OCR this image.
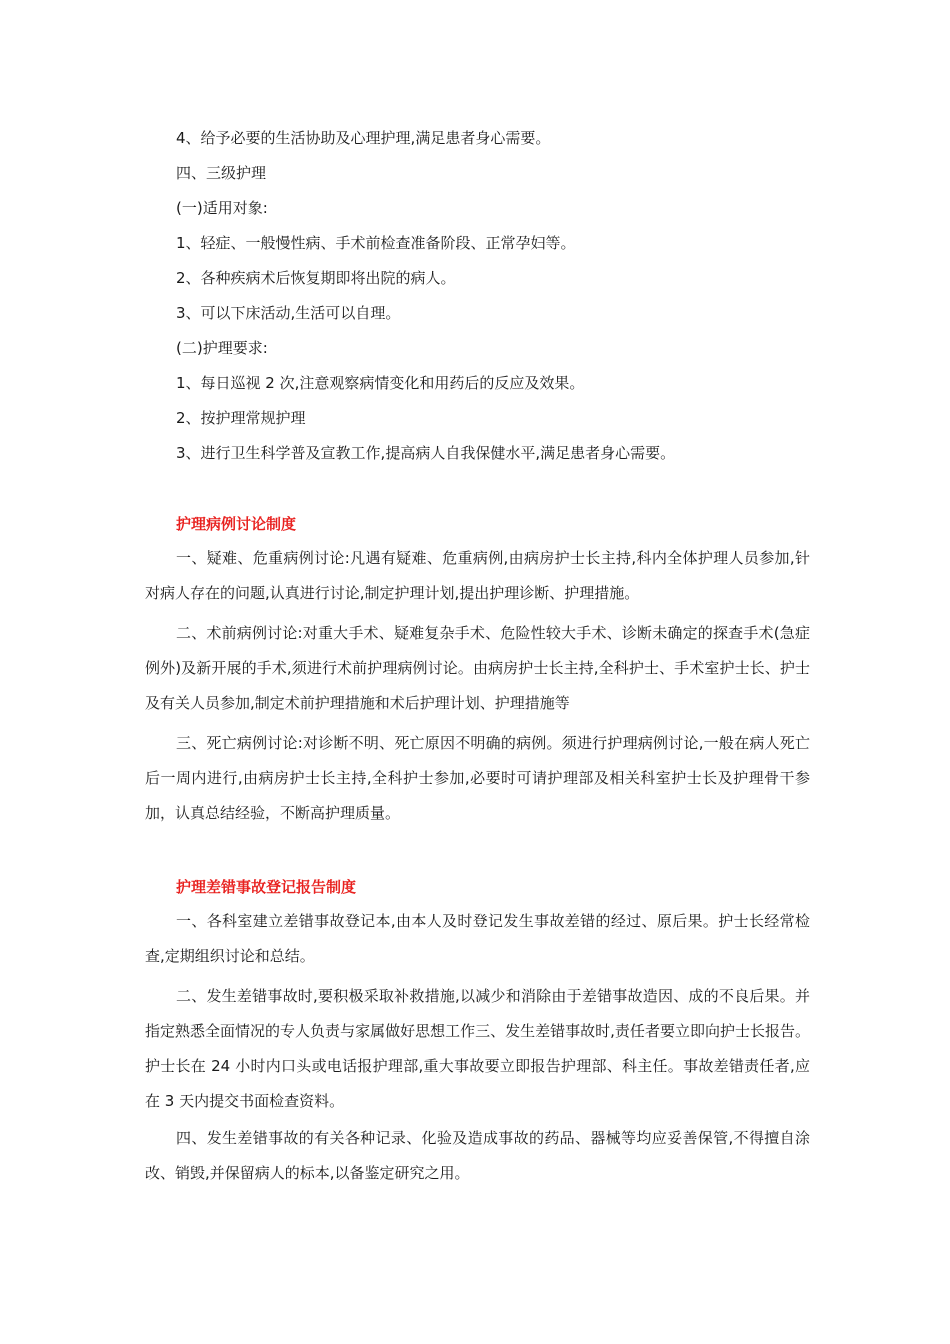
4、给予必要的生活协助及心理护理,满足患者身心需要。
四、三级护理
(一)适用对象:
1、轻症、一般慢性病、手术前检查准备阶段、正常孕妇等。
2、各种疾病术后恢复期即将出院的病人。
3、可以下床活动,生活可以自理。
(二)护理要求:
1、每日巡视 2 次,注意观察病情变化和用药后的反应及效果。
2、按护理常规护理
3、进行卫生科学普及宣教工作,提高病人自我保健水平,满足患者身心需要。
护理病例讨论制度

一、疑难、危重病例讨论:凡遇有疑难、危重病例,由病房护士长主持,科内全体护理人员参加,针对病人存在的问题,认真进行讨论,制定护理计划,提出护理诊断、护理措施。

二、术前病例讨论:对重大手术、疑难复杂手术、危险性较大手术、诊断未确定的探查手术(急症例外)及新开展的手术,须进行术前护理病例讨论。由病房护士长主持,全科护士、手术室护士长、护士及有关人员参加,制定术前护理措施和术后护理计划、护理措施等

三、死亡病例讨论:对诊断不明、死亡原因不明确的病例。须进行护理病例讨论,一般在病人死亡后一周内进行,由病房护士长主持,全科护士参加,必要时可请护理部及相关科室护士长及护理骨干参加，认真总结经验，不断高护理质量。

护理差错事故登记报告制度

一、各科室建立差错事故登记本,由本人及时登记发生事故差错的经过、原后果。护士长经常检查,定期组织讨论和总结。

二、发生差错事故时,要积极采取补救措施,以减少和消除由于差错事故造因、成的不良后果。并指定熟悉全面情况的专人负责与家属做好思想工作三、发生差错事故时,责任者要立即向护士长报告。护士长在 24 小时内口头或电话报护理部,重大事故要立即报告护理部、科主任。事故差错责任者,应在 3 天内提交书面检查资料。

四、发生差错事故的有关各种记录、化验及造成事故的药品、器械等均应妥善保管,不得擅自涂改、销毁,并保留病人的标本,以备鉴定研究之用。
